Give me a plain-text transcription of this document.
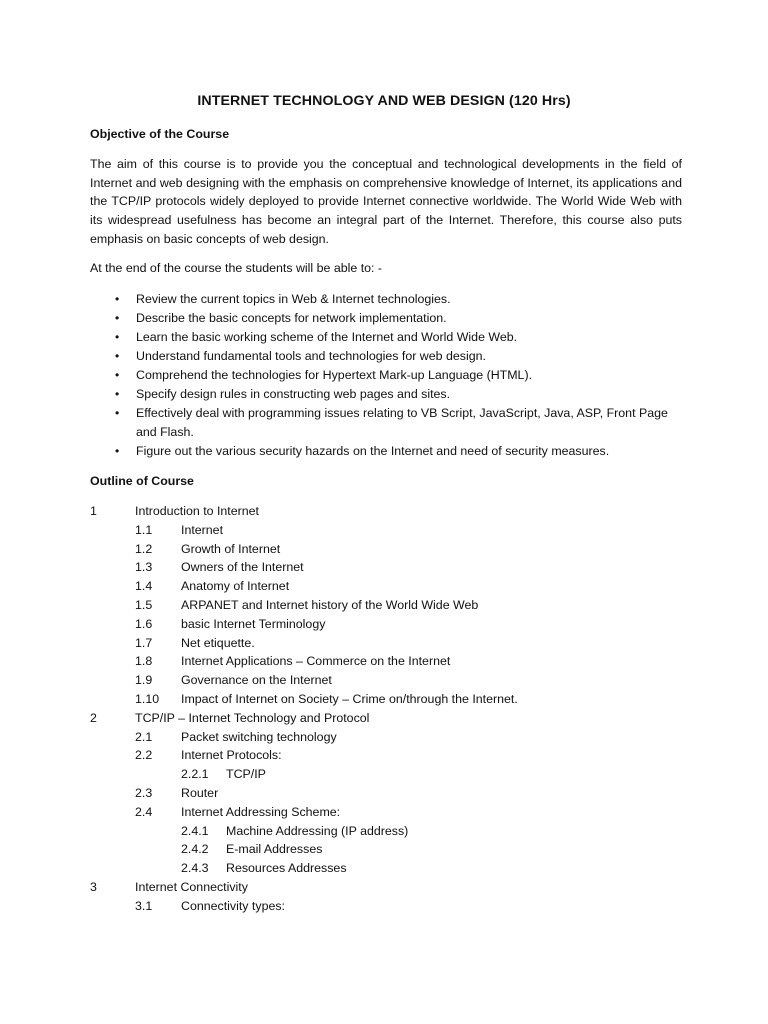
INTERNET TECHNOLOGY AND WEB DESIGN (120 Hrs)
Objective of the Course
The aim of this course is to provide you the conceptual and technological developments in the field of Internet and web designing with the emphasis on comprehensive knowledge of Internet, its applications and the TCP/IP protocols widely deployed to provide Internet connective worldwide. The World Wide Web with its widespread usefulness has become an integral part of the Internet. Therefore, this course also puts emphasis on basic concepts of web design.
At the end of the course the students will be able to: -
• Review the current topics in Web & Internet technologies.
• Describe the basic concepts for network implementation.
• Learn the basic working scheme of the Internet and World Wide Web.
• Understand fundamental tools and technologies for web design.
• Comprehend the technologies for Hypertext Mark-up Language (HTML).
• Specify design rules in constructing web pages and sites.
• Effectively deal with programming issues relating to VB Script, JavaScript, Java, ASP, Front Page and Flash.
• Figure out the various security hazards on the Internet and need of security measures.
Outline of Course
1	Introduction to Internet
1.1 Internet
1.2 Growth of Internet
1.3 Owners of the Internet
1.4 Anatomy of Internet
1.5 ARPANET and Internet history of the World Wide Web
1.6 basic Internet Terminology
1.7 Net etiquette.
1.8 Internet Applications – Commerce on the Internet
1.9 Governance on the Internet
1.10 Impact of Internet on Society – Crime on/through the Internet.
2	TCP/IP – Internet Technology and Protocol
2.1 Packet switching technology
2.2 Internet Protocols:
2.2.1 TCP/IP
2.3 Router
2.4 Internet Addressing Scheme:
2.4.1 Machine Addressing (IP address)
2.4.2 E-mail Addresses
2.4.3 Resources Addresses
3	Internet Connectivity
3.1 Connectivity types:
